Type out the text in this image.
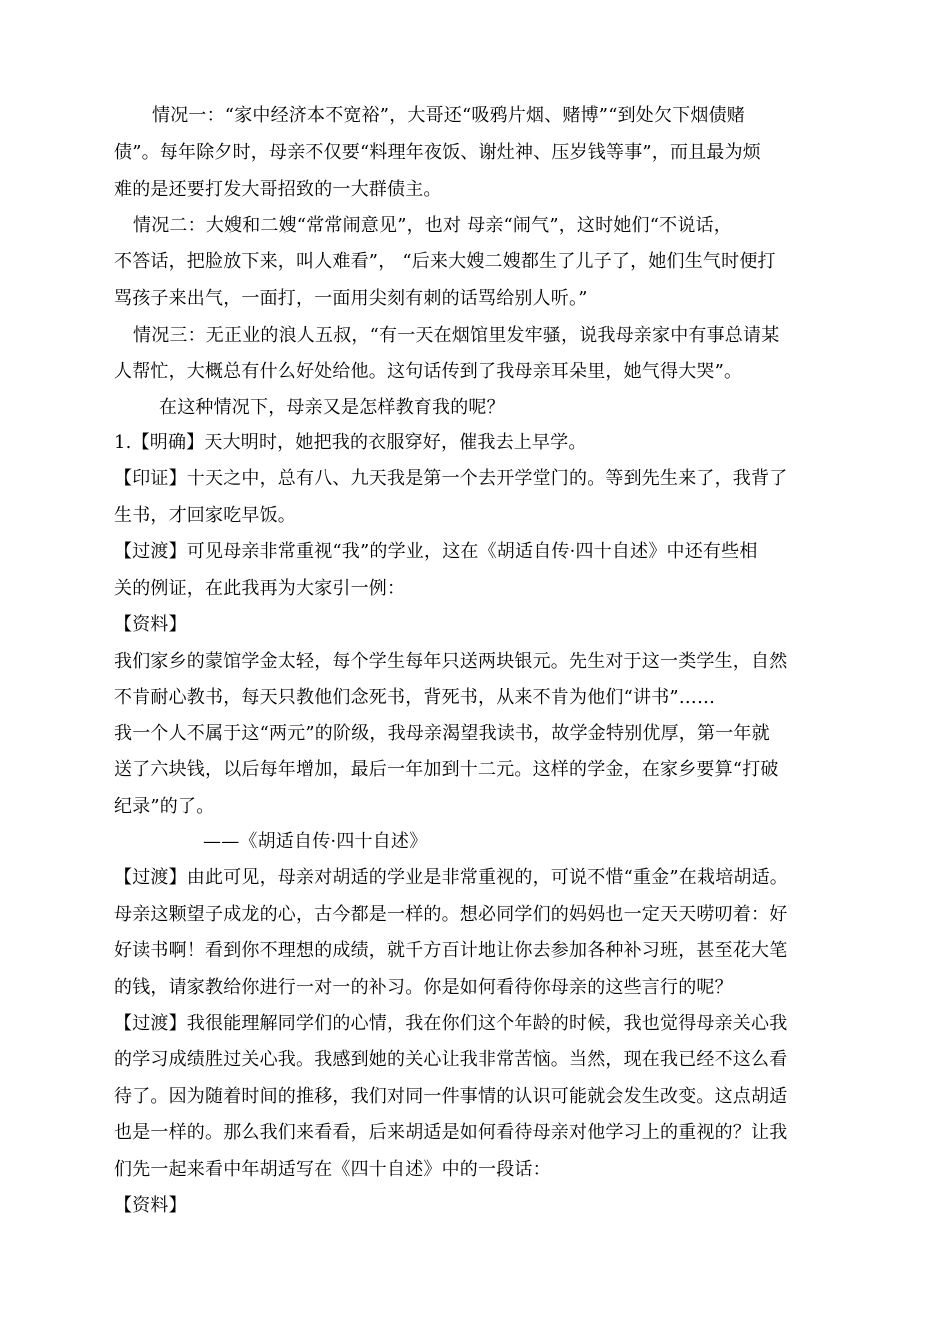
情况一：“家中经济本不宽裕”，大哥还“吸鸦片烟、赌博”“到处欠下烟债赌
债”。每年除夕时，母亲不仅要“料理年夜饭、谢灶神、压岁钱等事”，而且最为烦
难的是还要打发大哥招致的一大群债主。
情况二：大嫂和二嫂“常常闹意见”，也对 母亲“闹气”，这时她们“不说话，
不答话，把脸放下来，叫人难看”， “后来大嫂二嫂都生了儿子了，她们生气时便打
骂孩子来出气，一面打，一面用尖刻有刺的话骂给别人听。”
情况三：无正业的浪人五叔，“有一天在烟馆里发牢骚，说我母亲家中有事总请某
人帮忙，大概总有什么好处给他。这句话传到了我母亲耳朵里，她气得大哭”。
在这种情况下，母亲又是怎样教育我的呢？
1.【明确】天大明时，她把我的衣服穿好，催我去上早学。
【印证】十天之中，总有八、九天我是第一个去开学堂门的。等到先生来了，我背了
生书，才回家吃早饭。
【过渡】可见母亲非常重视“我”的学业，这在《胡适自传·四十自述》中还有些相
关的例证，在此我再为大家引一例：
【资料】
我们家乡的蒙馆学金太轻，每个学生每年只送两块银元。先生对于这一类学生，自然
不肯耐心教书，每天只教他们念死书，背死书，从来不肯为他们“讲书”……
我一个人不属于这“两元”的阶级，我母亲渴望我读书，故学金特别优厚，第一年就
送了六块钱，以后每年增加，最后一年加到十二元。这样的学金，在家乡要算“打破
纪录”的了。
——《胡适自传·四十自述》
【过渡】由此可见，母亲对胡适的学业是非常重视的，可说不惜“重金”在栽培胡适。
母亲这颗望子成龙的心，古今都是一样的。想必同学们的妈妈也一定天天唠叨着：好
好读书啊！看到你不理想的成绩，就千方百计地让你去参加各种补习班，甚至花大笔
的钱，请家教给你进行一对一的补习。你是如何看待你母亲的这些言行的呢？
【过渡】我很能理解同学们的心情，我在你们这个年龄的时候，我也觉得母亲关心我
的学习成绩胜过关心我。我感到她的关心让我非常苦恼。当然，现在我已经不这么看
待了。因为随着时间的推移，我们对同一件事情的认识可能就会发生改变。这点胡适
也是一样的。那么我们来看看，后来胡适是如何看待母亲对他学习上的重视的？让我
们先一起来看中年胡适写在《四十自述》中的一段话：
【资料】
